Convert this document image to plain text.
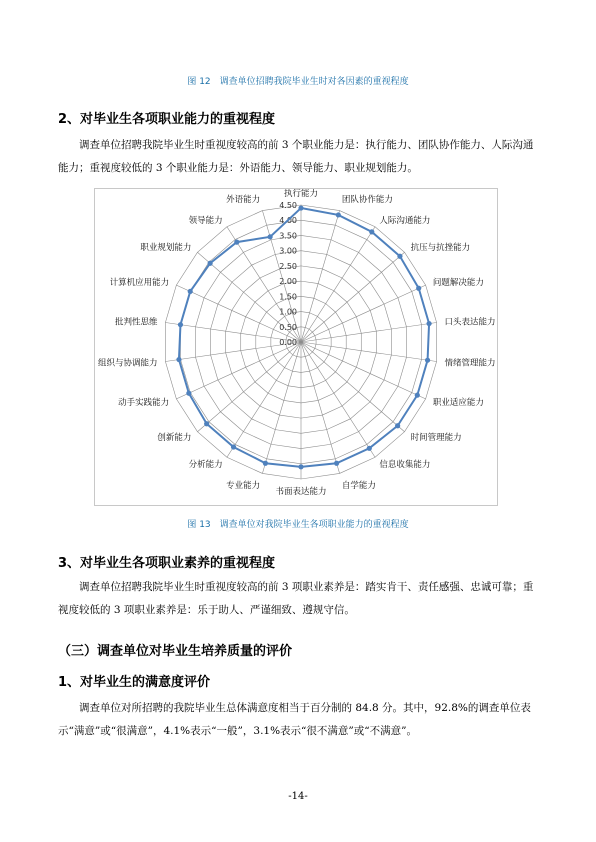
图 12　调查单位招聘我院毕业生时对各因素的重视程度
2、对毕业生各项职业能力的重视程度
调查单位招聘我院毕业生时重视度较高的前 3 个职业能力是：执行能力、团队协作能力、人际沟通能力；重视度较低的 3 个职业能力是：外语能力、领导能力、职业规划能力。
0.00
0.50
1.00
1.50
2.00
2.50
3.00
3.50
4.00
4.50
执行能力
团队协作能力
人际沟通能力
抗压与抗挫能力
问题解决能力
口头表达能力
情绪管理能力
职业适应能力
时间管理能力
信息收集能力
自学能力
书面表达能力
专业能力
分析能力
创新能力
动手实践能力
组织与协调能力
批判性思维
计算机应用能力
职业规划能力
领导能力
外语能力
图 13　调查单位对我院毕业生各项职业能力的重视程度
3、对毕业生各项职业素养的重视程度
调查单位招聘我院毕业生时重视度较高的前 3 项职业素养是：踏实肯干、责任感强、忠诚可靠；重视度较低的 3 项职业素养是：乐于助人、严谨细致、遵规守信。
（三）调查单位对毕业生培养质量的评价
1、对毕业生的满意度评价
调查单位对所招聘的我院毕业生总体满意度相当于百分制的 84.8 分。其中，92.8%的调查单位表示“满意”或“很满意”，4.1%表示“一般”，3.1%表示“很不满意”或“不满意”。
-14-
